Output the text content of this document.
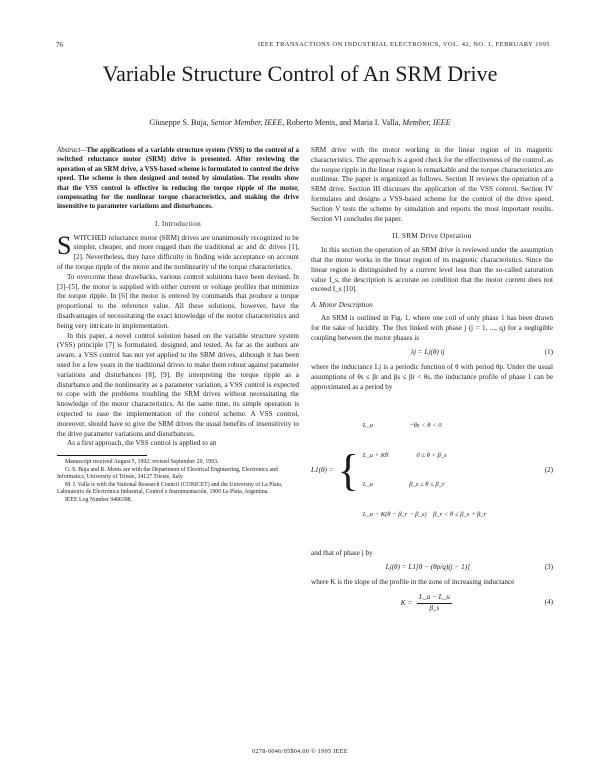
76	IEEE TRANSACTIONS ON INDUSTRIAL ELECTRONICS, VOL. 42, NO. 1, FEBRUARY 1995
Variable Structure Control of An SRM Drive
Giuseppe S. Buja, Senior Member, IEEE, Roberto Menis, and Maria I. Valla, Member, IEEE
Abstract—The applications of a variable structure system (VSS) to the control of a switched reluctance motor (SRM) drive is presented. After reviewing the operation of an SRM drive, a VSS-based scheme is formulated to control the drive speed. The scheme is then designed and tested by simulation. The results show that the VSS control is effective in reducing the torque ripple of the motor, compensating for the nonlinear torque characteristics, and making the drive insensitive to parameter variations and disturbances.
I. Introduction

SWITCHED reluctance motor (SRM) drives are unanimously recognized to be simpler, cheaper, and more rugged than the traditional ac and dc drives [1], [2]. Nevertheless, they have difficulty in finding wide acceptance on account of the torque ripple of the motor and the nonlinearity of the torque characteristics.

To overcome these drawbacks, various control solutions have been devised. In [3]–[5], the motor is supplied with either current or voltage profiles that minimize the torque ripple. In [6] the motor is entered by commands that produce a torque proportional to the reference value. All these solutions, however, have the disadvantages of necessitating the exact knowledge of the motor characteristics and being very intricate in implementation.

In this paper, a novel control solution based on the variable structure system (VSS) principle [7] is formulated, designed, and tested. As far as the authors are aware, a VSS control has not yet applied to the SRM drives, although it has been used for a few years in the traditional drives to make them robust against parameter variations and disturbances [8], [9]. By interpreting the torque ripple as a disturbance and the nonlinearity as a parameter variation, a VSS control is expected to cope with the problems troubling the SRM drives without necessitating the knowledge of the motor characteristics. At the same time, its simple operation is expected to ease the implementation of the control scheme. A VSS control, moreover, should have to give the SRM drives the usual benefits of insensitivity to the drive parameter variations and disturbances.

As a first approach, the VSS control is applied to an

Manuscript received August 5, 1992; revised September 20, 1993.
G. S. Buja and R. Menis are with the Department of Electrical Engineering, Electronics and Informatics, University of Trieste, 34127 Trieste, Italy.
M. I. Valla is with the National Research Council (CONICET) and the University of La Plata, Laboratorio de Electrónica Industrial, Control e Instrumentación, 1900 La Plata, Argentina.
IEEE Log Number 9406398.

SRM drive with the motor working in the linear region of its magnetic characteristics. The approach is a good check for the effectiveness of the control, as the torque ripple in the linear region is remarkable and the torque characteristics are nonlinear. The paper is organized as follows. Section II reviews the operation of a SRM drive. Section III discusses the application of the VSS control. Section IV formulates and designs a VSS-based scheme for the control of the drive speed. Section V tests the scheme by simulation and reports the most important results. Section VI concludes the paper.

II. SRM Drive Operation

In this section the operation of an SRM drive is reviewed under the assumption that the motor works in the linear region of its magnetic characteristics. Since the linear region is distinguished by a current level less than the so-called saturation value I_s, the description is accurate on condition that the motor current does not exceed I_s [10].

A. Motor Description

An SRM is outlined in Fig. 1, where one coil of only phase 1 has been drawn for the sake of lucidity. The flux linked with phase j (j = 1, ..., q) for a negligible coupling between the motor phases is

λj = Lj(θ) ij	(1)

where the inductance Lj is a periodic function of θ with period θp. Under the usual assumptions of θs ≤ βr and βs ≤ βr < θs, the inductance profile of phase 1 can be approximated as a period by

L1(θ) = {

L_u                      −θz < θ < 0

L_u + Kθ                 0 ≤ θ < β_s

L_a                      β_s ≤ θ ≤ β_r

L_a − K(θ − β_r − β_s)    β_r < θ ≤ β_s + β_r

(2)

and that of phase j by

Lj(θ) = L1[θ − (θp/q)(j − 1)]	(3)

where K is the slope of the profile in the zone of increasing inductance

$K = \frac{L\_a - L\_u}{\beta\_s}$	(4)
0278-0046/95$04.00 © 1995 IEEE
